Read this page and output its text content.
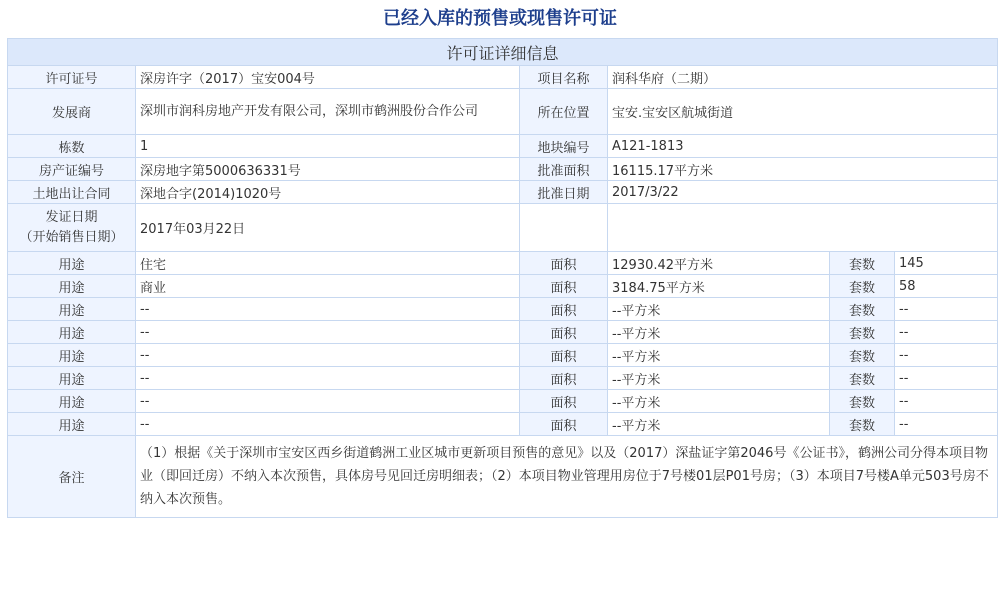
已经入库的预售或现售许可证
许可证详细信息					
许可证号	深房许字（2017）宝安004号	项目名称	润科华府（二期）		
发展商	深圳市润科房地产开发有限公司，深圳市鹤洲股份合作公司	所在位置	宝安.宝安区航城街道		
栋数	1	地块编号	A121-1813		
房产证编号	深房地字第5000636331号	批准面积	16115.17平方米		
土地出让合同	深地合字(2014)1020号	批准日期	2017/3/22		

发证日期
（开始销售日期）	2017年03月22日				
用途	住宅	面积	12930.42平方米	套数	145
用途	商业	面积	3184.75平方米	套数	58
用途	--	面积	--平方米	套数	--
用途	--	面积	--平方米	套数	--
用途	--	面积	--平方米	套数	--
用途	--	面积	--平方米	套数	--
用途	--	面积	--平方米	套数	--
用途	--	面积	--平方米	套数	--
备注	（1）根据《关于深圳市宝安区西乡街道鹤洲工业区城市更新项目预售的意见》以及（2017）深盐证字第2046号《公证书》，鹤洲公司分得本项目物业（即回迁房）不纳入本次预售，具体房号见回迁房明细表；（2）本项目物业管理用房位于7号楼01层P01号房；（3）本项目7号楼A单元503号房不纳入本次预售。				
